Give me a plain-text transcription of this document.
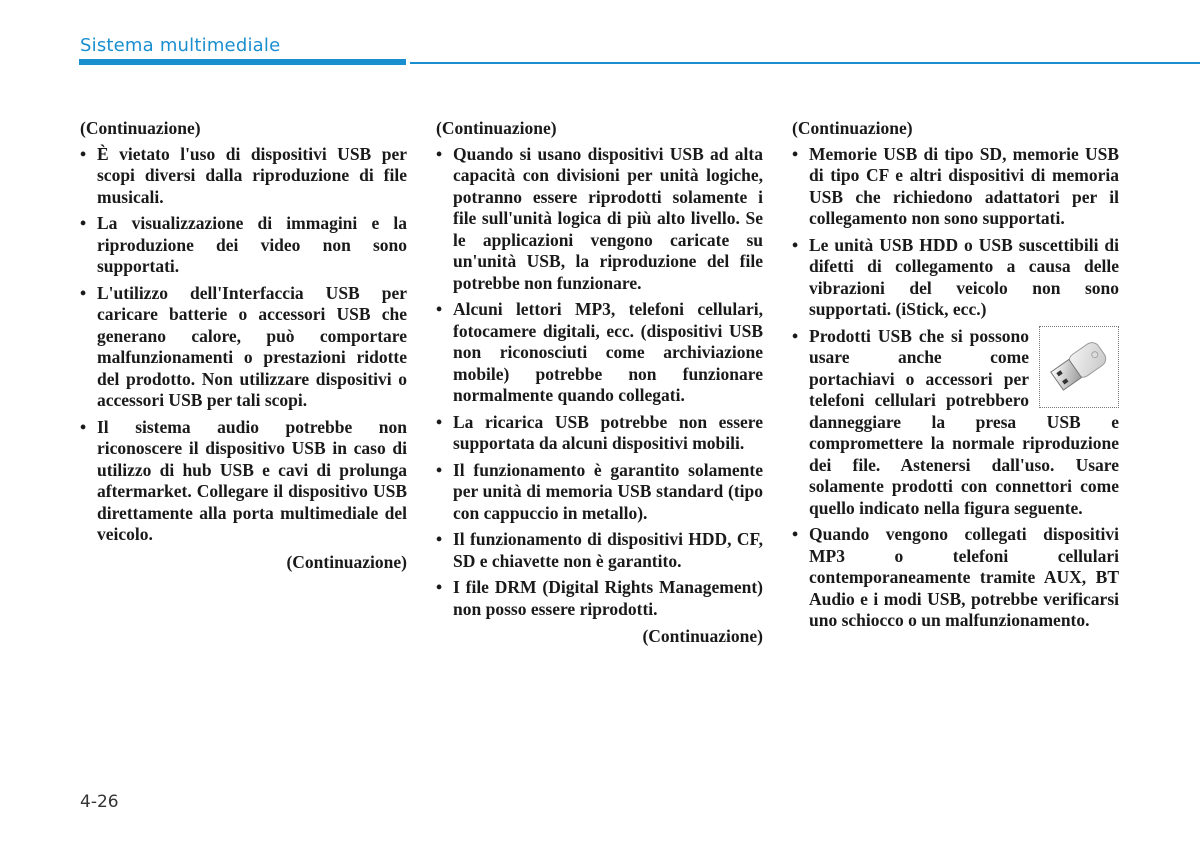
Sistema multimediale
(Continuazione)
• È vietato l'uso di dispositivi USB per scopi diversi dalla riproduzione di file musicali.
• La visualizzazione di immagini e la riproduzione dei video non sono supportati.
• L'utilizzo dell'Interfaccia USB per caricare batterie o accessori USB che generano calore, può comportare malfunzionamenti o prestazioni ridotte del prodotto. Non utilizzare dispositivi o accessori USB per tali scopi.
• Il sistema audio potrebbe non riconoscere il dispositivo USB in caso di utilizzo di hub USB e cavi di prolunga aftermarket. Collegare il dispositivo USB direttamente alla porta multimediale del veicolo.
(Continuazione)
(Continuazione)
• Quando si usano dispositivi USB ad alta capacità con divisioni per unità logiche, potranno essere riprodotti solamente i file sull'unità logica di più alto livello. Se le applicazioni vengono caricate su un'unità USB, la riproduzione del file potrebbe non funzionare.
• Alcuni lettori MP3, telefoni cellulari, fotocamere digitali, ecc. (dispositivi USB non riconosciuti come archiviazione mobile) potrebbe non funzionare normalmente quando collegati.
• La ricarica USB potrebbe non essere supportata da alcuni dispositivi mobili.
• Il funzionamento è garantito solamente per unità di memoria USB standard (tipo con cappuccio in metallo).
• Il funzionamento di dispositivi HDD, CF, SD e chiavette non è garantito.
• I file DRM (Digital Rights Management) non posso essere riprodotti.
(Continuazione)
(Continuazione)
• Memorie USB di tipo SD, memorie USB di tipo CF e altri dispositivi di memoria USB che richiedono adattatori per il collegamento non sono supportati.
• Le unità USB HDD o USB suscettibili di difetti di collegamento a causa delle vibrazioni del veicolo non sono supportati. (iStick, ecc.)
• Prodotti USB che si possono usare anche come portachiavi o accessori per telefoni cellulari potrebbero danneggiare la presa USB e compromettere la normale riproduzione dei file. Astenersi dall'uso. Usare solamente prodotti con connettori come quello indicato nella figura seguente.
• Quando vengono collegati dispositivi MP3 o telefoni cellulari contemporaneamente tramite AUX, BT Audio e i modi USB, potrebbe verificarsi uno schiocco o un malfunzionamento.
4-26
